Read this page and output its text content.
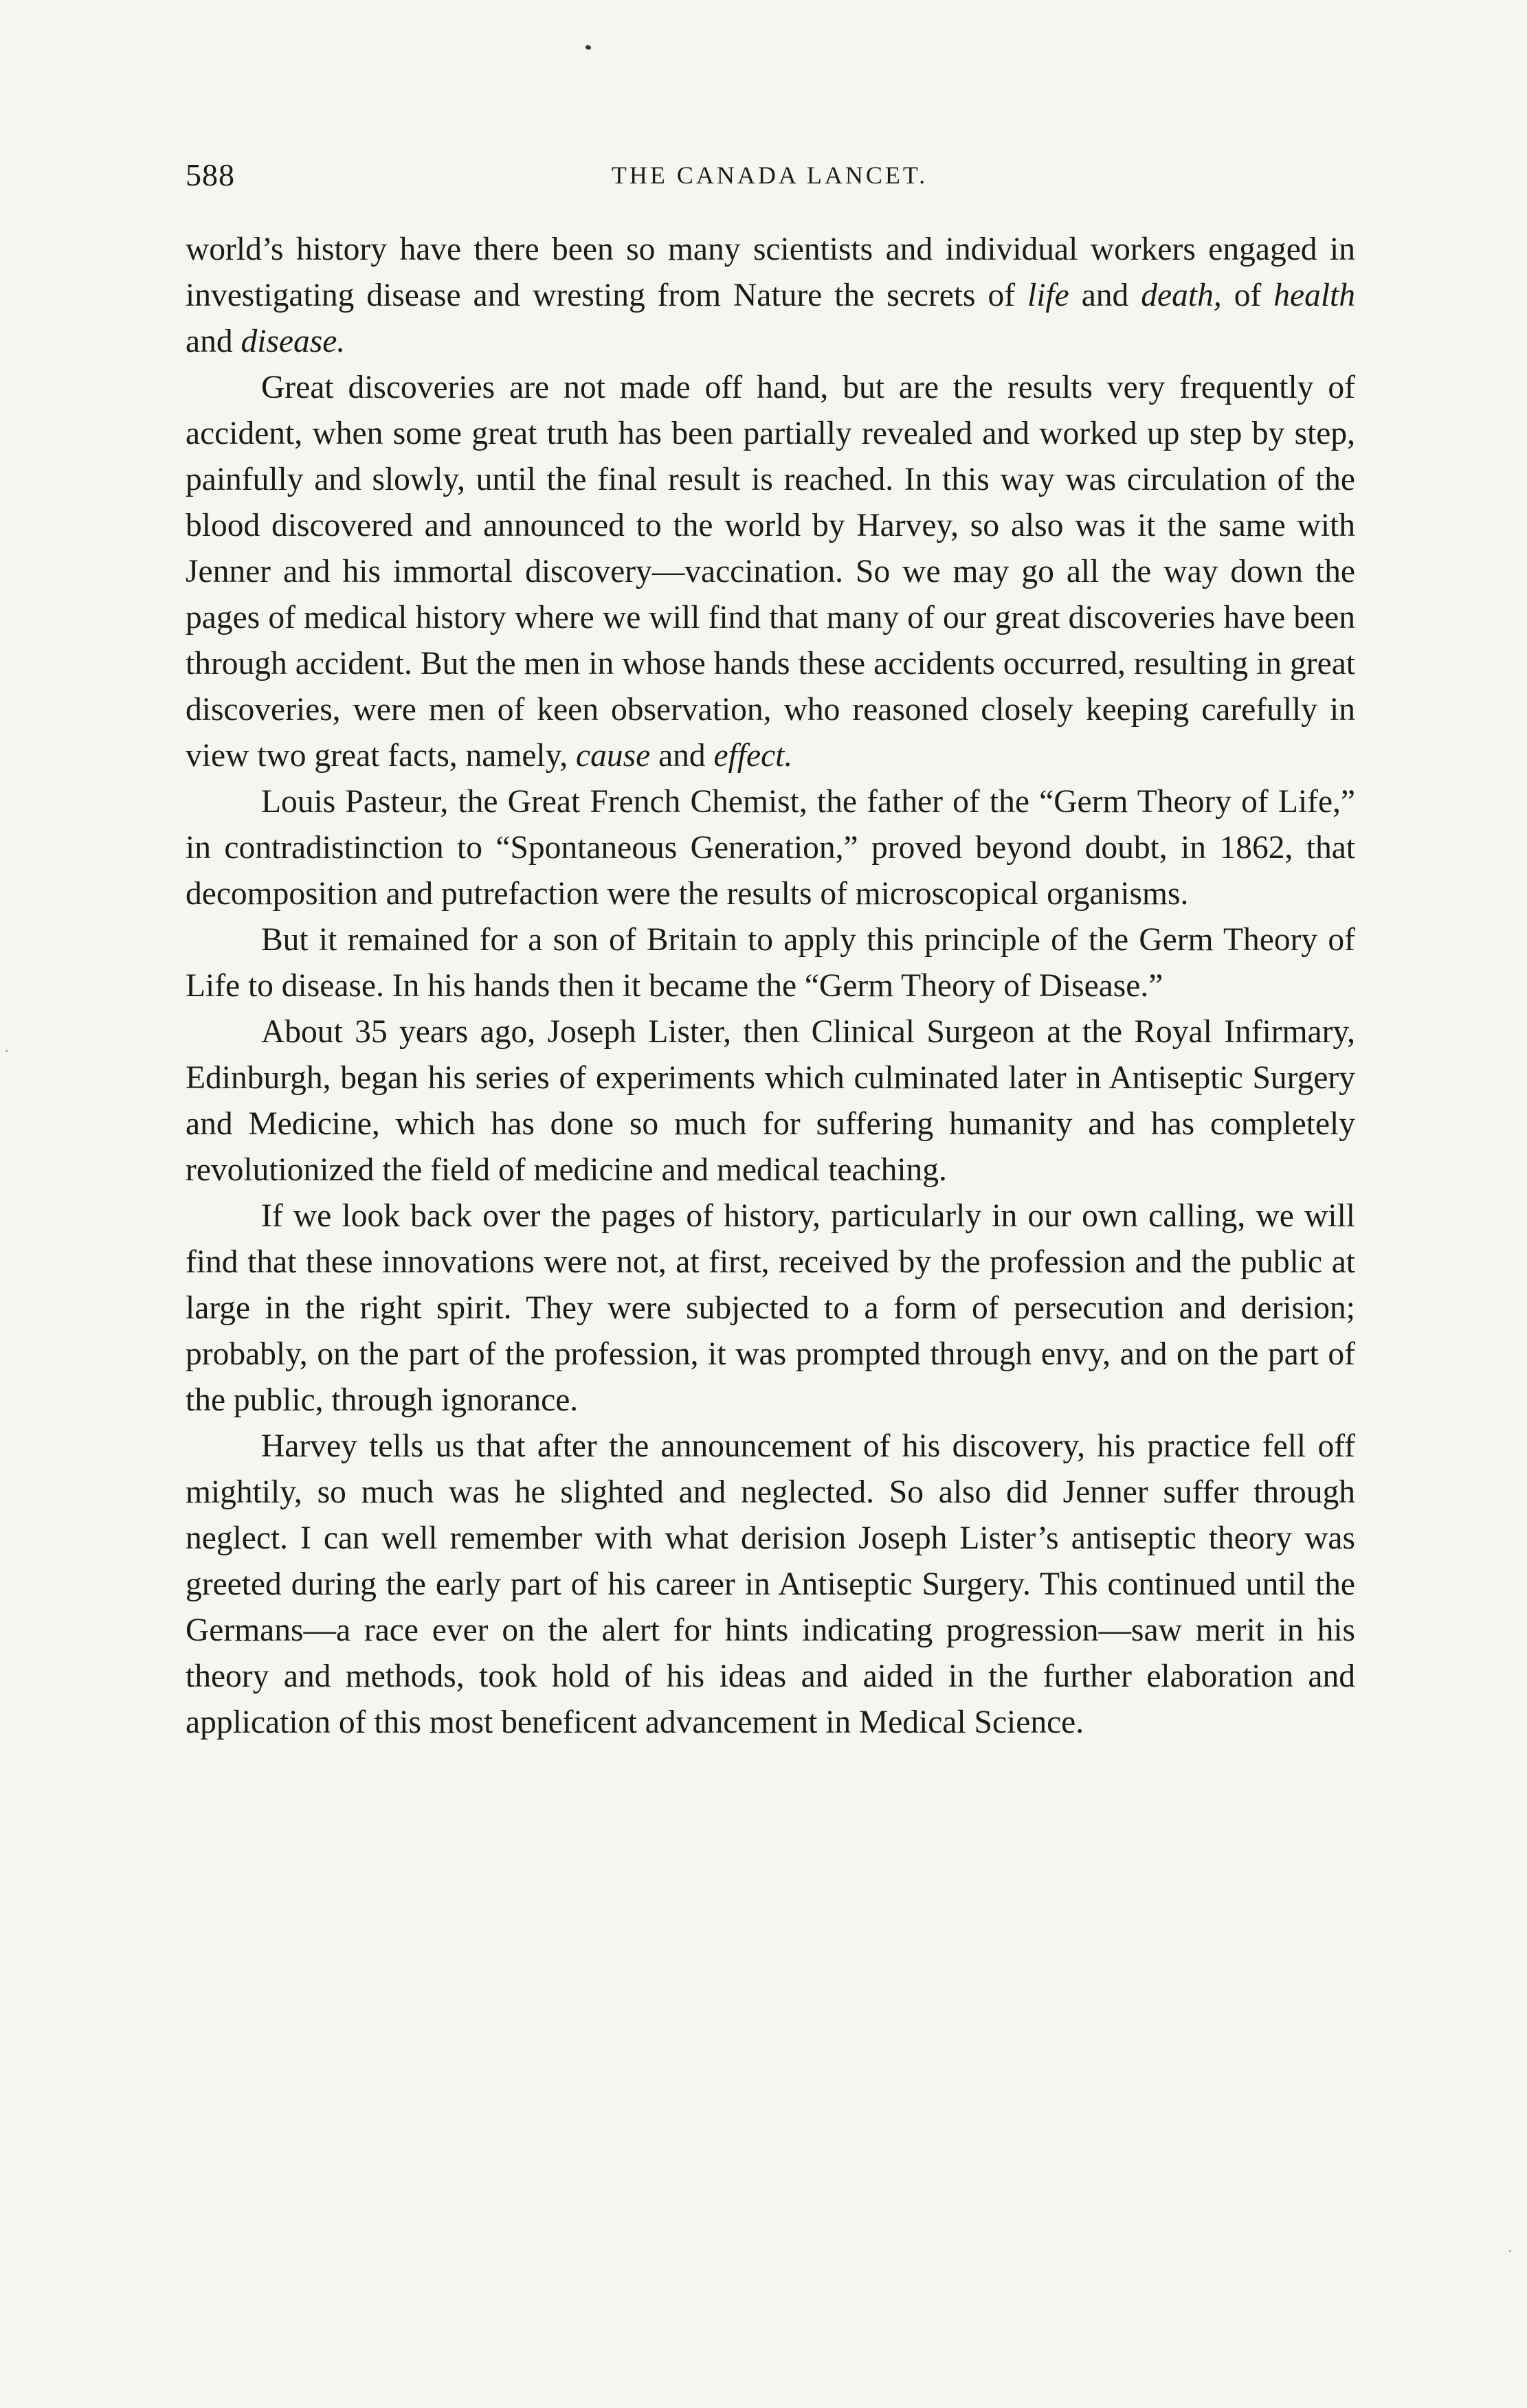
588	THE CANADA LANCET.

world’s history have there been so many scientists and individual workers engaged in investigating disease and wresting from Nature the secrets of life and death, of health and disease.

Great discoveries are not made off hand, but are the results very frequently of accident, when some great truth has been partially revealed and worked up step by step, painfully and slowly, until the final result is reached. In this way was circulation of the blood discovered and announced to the world by Harvey, so also was it the same with Jenner and his immortal discovery—vaccination. So we may go all the way down the pages of medical history where we will find that many of our great discoveries have been through accident. But the men in whose hands these accidents occurred, resulting in great discoveries, were men of keen observation, who reasoned closely keeping carefully in view two great facts, namely, cause and effect.

Louis Pasteur, the Great French Chemist, the father of the “Germ Theory of Life,” in contradistinction to “Spontaneous Generation,” proved beyond doubt, in 1862, that decomposition and putrefaction were the results of microscopical organisms.

But it remained for a son of Britain to apply this principle of the Germ Theory of Life to disease. In his hands then it became the “Germ Theory of Disease.”

About 35 years ago, Joseph Lister, then Clinical Surgeon at the Royal Infirmary, Edinburgh, began his series of experiments which culminated later in Antiseptic Surgery and Medicine, which has done so much for suffering humanity and has completely revolutionized the field of medicine and medical teaching.

If we look back over the pages of history, particularly in our own calling, we will find that these innovations were not, at first, received by the profession and the public at large in the right spirit. They were subjected to a form of persecution and derision; probably, on the part of the profession, it was prompted through envy, and on the part of the public, through ignorance.

Harvey tells us that after the announcement of his discovery, his practice fell off mightily, so much was he slighted and neglected. So also did Jenner suffer through neglect. I can well remember with what derision Joseph Lister’s antiseptic theory was greeted during the early part of his career in Antiseptic Surgery. This continued until the Germans—a race ever on the alert for hints indicating progression—saw merit in his theory and methods, took hold of his ideas and aided in the further elaboration and application of this most beneficent advancement in Medical Science.
